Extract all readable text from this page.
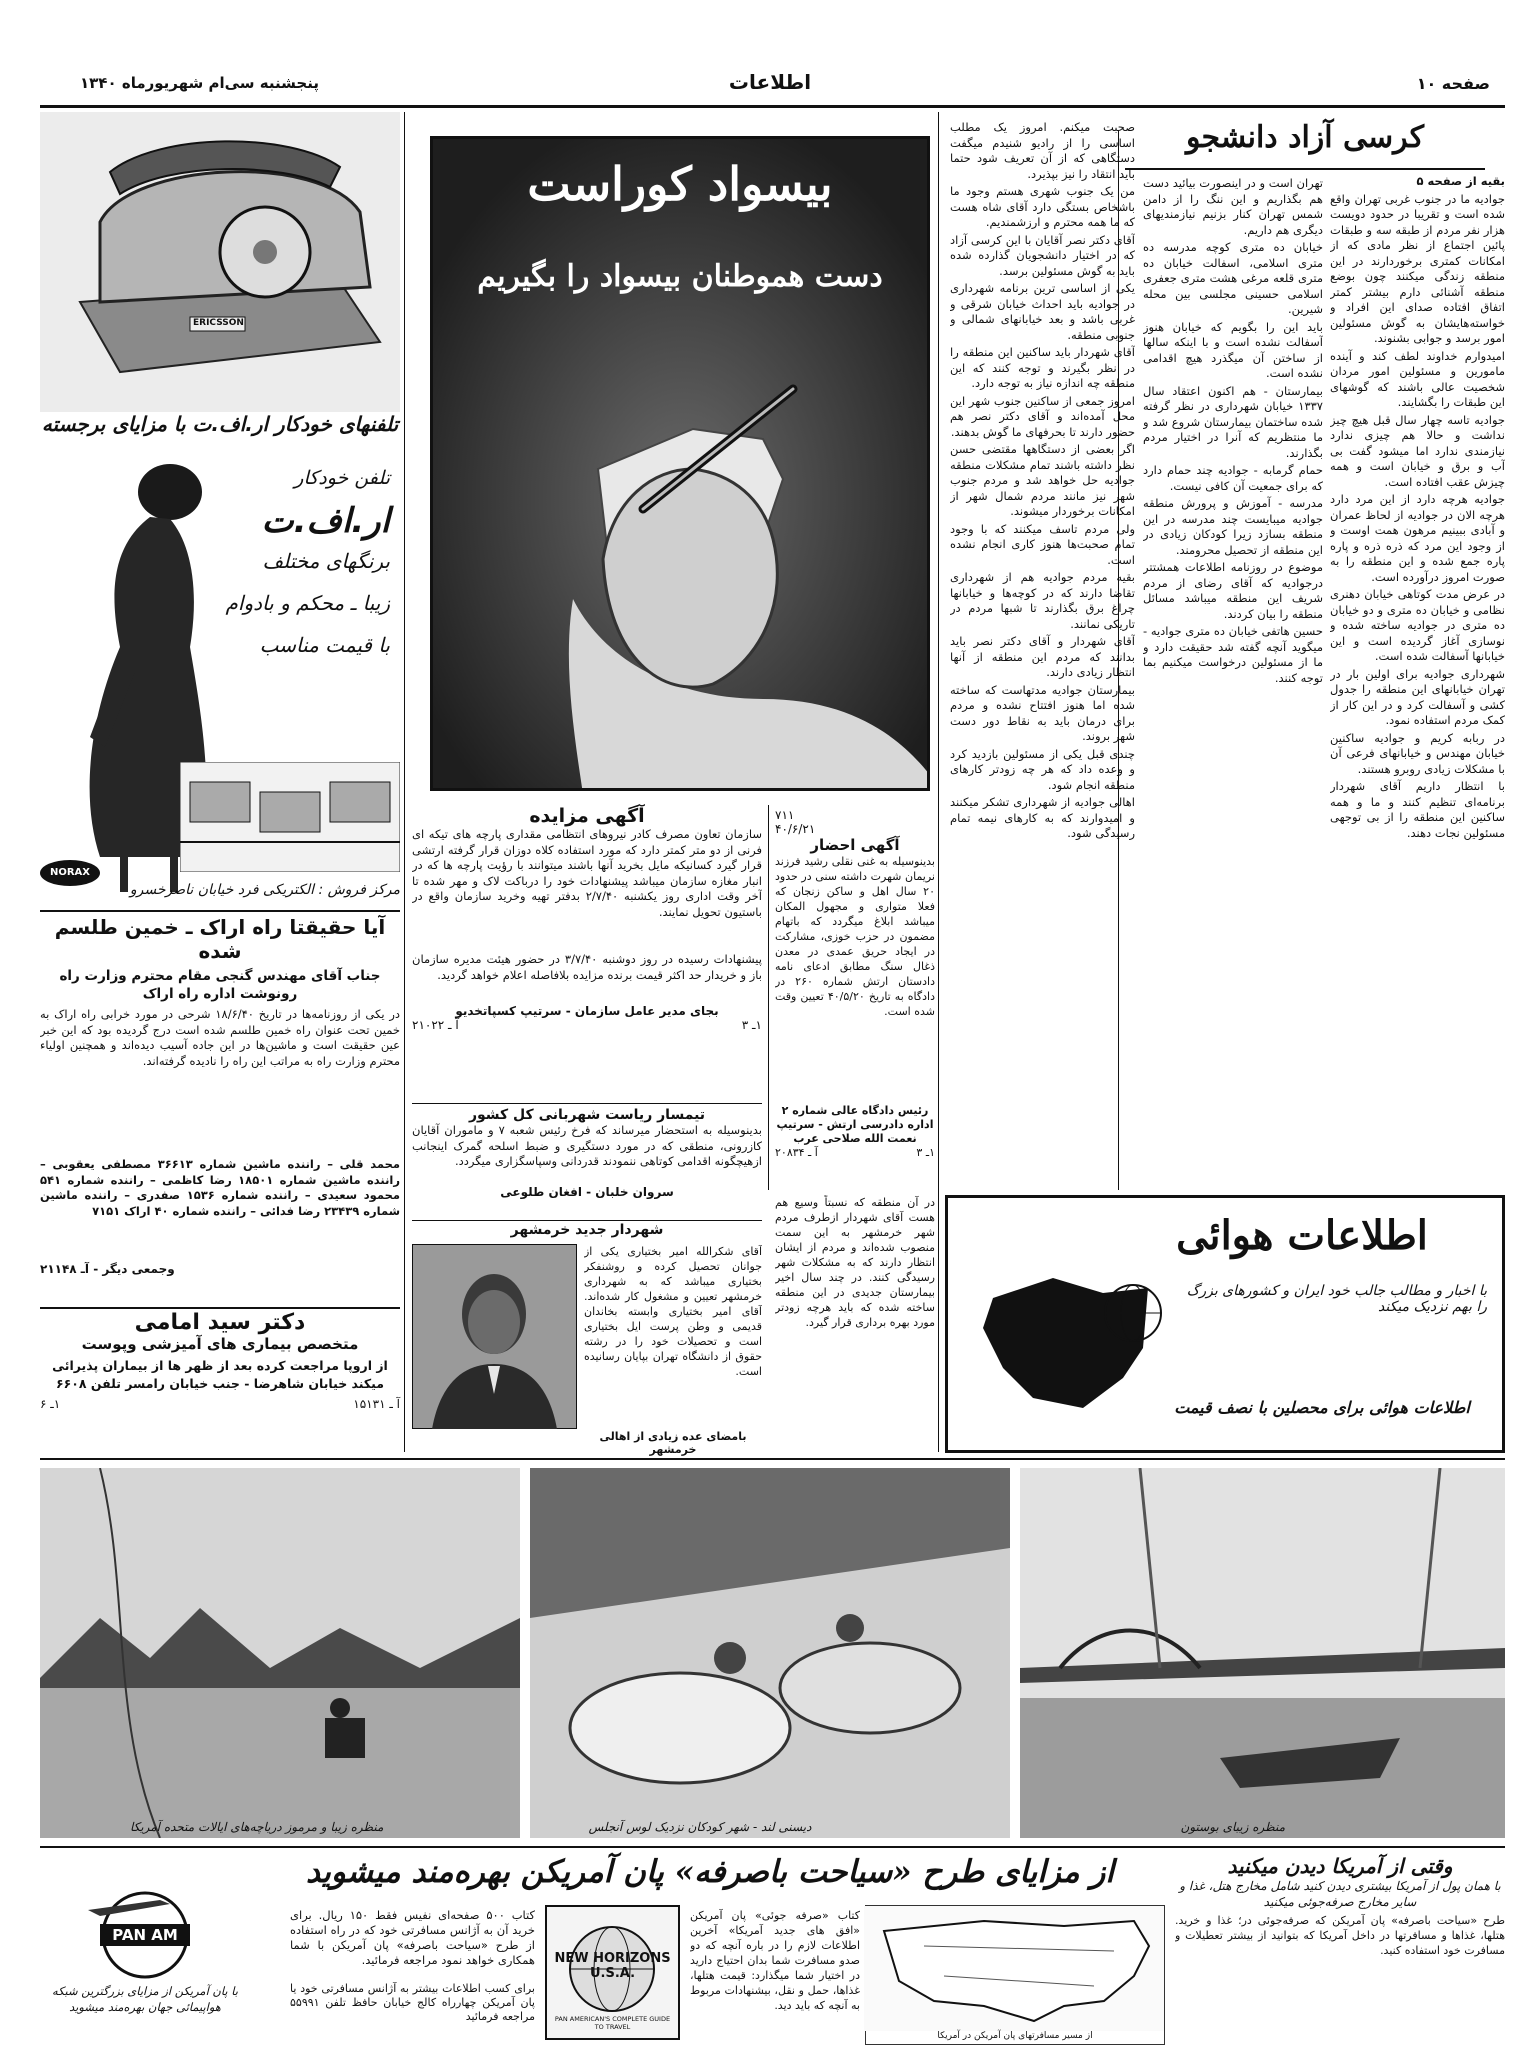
صفحه ۱۰
اطلاعات
پنجشنبه سی‌ام شهریورماه ۱۳۴۰
کرسی آزاد دانشجو
بقیه از صفحه ۵

جواديه ما در جنوب غربی تهران واقع شده است و تقريبا در حدود دويست هزار نفر مردم از طبقه سه و طبقات پائين اجتماع از نظر مادی که از امکانات کمتری برخوردارند در اين منطقه زندگی ميکنند چون بوضع منطقه آشنائی دارم بيشتر کمتر اتفاق افتاده صدای اين افراد و خواسته‌هايشان به گوش مسئولين امور برسد و جوابی بشنوند.

اميدوارم خداوند لطف کند و آينده مامورين و مسئولين امور مردان شخصيت عالی باشند که گوشهای اين طبقات را بگشايند.

جواديه تاسه چهار سال قبل هيچ چيز نداشت و حالا هم چيزی ندارد نيازمندی ندارد اما ميشود گفت بی آب و برق و خيابان است و همه چيزش عقب افتاده است.

جواديه هرچه دارد از اين مرد دارد هرچه الان در جواديه از لحاظ عمران و آبادی ببينيم مرهون همت اوست و از وجود اين مرد که ذره ذره و پاره پاره جمع شده و اين منطقه را به صورت امروز درآورده است.

در عرض مدت کوتاهی خيابان دهنری نظامی و خيابان ده متری و دو خيابان ده متری در جواديه ساخته شده و نوسازی آغاز گرديده است و اين خيابانها آسفالت شده است.

شهرداری جواديه برای اولين بار در تهران خيابانهای اين منطقه را جدول کشی و آسفالت کرد و در اين کار از کمک مردم استفاده نمود.

در ربابه کريم و جواديه ساکنين خيابان مهندس و خيابانهای فرعی آن با مشکلات زيادی روبرو هستند.

با انتظار داريم آقای شهردار برنامه‌ای تنظيم کنند و ما و همه ساکنين اين منطقه را از بی توجهی مسئولين نجات دهند.

تهران است و در اينصورت بيائيد دست هم بگذاريم و اين ننگ را از دامن شمس تهران کنار بزنيم نيازمنديهای ديگری هم داريم.

خيابان ده متری کوچه مدرسه ده متری اسلامی، اسفالت خيابان ده متری قلعه مرغی هشت متری جعفری اسلامی حسينی مجلسی بين محله شيرين.

بايد اين را بگويم که خيابان هنوز آسفالت نشده است و با اينکه سالها از ساختن آن ميگذرد هيچ اقدامی نشده است.

بيمارستان - هم اکنون اعتقاد سال ۱۳۳۷ خيابان شهرداری در نظر گرفته شده ساختمان بيمارستان شروع شد و ما منتظريم که آنرا در اختيار مردم بگذارند.

حمام گرمابه - جواديه چند حمام دارد که برای جمعيت آن کافی نيست.

مدرسه - آموزش و پرورش منطقه جواديه ميبايست چند مدرسه در اين منطقه بسازد زيرا کودکان زيادی در اين منطقه از تحصيل محرومند.

موضوع در روزنامه اطلاعات همشتتر درجواديه که آقای رضای از مردم شريف اين منطقه ميباشد مسائل منطقه را بيان کردند.

حسين هاتفی خيابان ده متری جواديه - ميگويد آنچه گفته شد حقيقت دارد و ما از مسئولين درخواست ميکنيم بما توجه کنند.

صحبت ميکنم. امروز يک مطلب اساسی را از راديو شنيدم ميگفت دستگاهی که از آن تعريف شود حتما بايد انتقاد را نيز بپذيرد.

من يک جنوب شهری هستم وجود ما باشخاص بستگی دارد آقای شاه هست که ما همه محترم و ارزشمنديم.

آقای دکتر نصر آقايان با اين کرسی آزاد که در اختيار دانشجويان گذارده شده بايد به گوش مسئولين برسد.

يکی از اساسی ترين برنامه شهرداری در جواديه بايد احداث خيابان شرقی و غربی باشد و بعد خيابانهای شمالی و جنوبی منطقه.

آقای شهردار بايد ساکنين اين منطقه را در نظر بگيرند و توجه کنند که اين منطقه چه اندازه نياز به توجه دارد.

امروز جمعی از ساکنين جنوب شهر اين محل آمده‌اند و آقای دکتر نصر هم حضور دارند تا بحرفهای ما گوش بدهند.

اگر بعضی از دستگاهها مقتضی حسن نظر داشته باشند تمام مشکلات منطقه جواديه حل خواهد شد و مردم جنوب شهر نيز مانند مردم شمال شهر از امکانات برخوردار ميشوند.

ولی مردم تاسف ميکنند که با وجود تمام صحبت‌ها هنوز کاری انجام نشده است.

بقيه مردم جواديه هم از شهرداری تقاضا دارند که در کوچه‌ها و خيابانها چراغ برق بگذارند تا شبها مردم در تاريکی نمانند.

آقای شهردار و آقای دکتر نصر بايد بدانند که مردم اين منطقه از آنها انتظار زيادی دارند.

بيمارستان جواديه مدتهاست که ساخته شده اما هنوز افتتاح نشده و مردم برای درمان بايد به نقاط دور دست شهر بروند.

چندی قبل يکی از مسئولين بازديد کرد و وعده داد که هر چه زودتر کارهای منطقه انجام شود.

اهالی جواديه از شهرداری تشکر ميکنند و اميدوارند که به کارهای نيمه تمام رسيدگی شود.

بیسواد کوراست
دست هموطنان بیسواد را بگیریم
ERICSSON
تلفنهای خودکار ار.اف.ت با مزایای برجسته
تلفن خودکار
ار.اف.ت
برنگهای مختلف
زیبا ـ محکم و بادوام
با قیمت مناسب
NORAX
مرکز فروش : الکتریکی فرد خیابان ناصرخسرو
آیا حقیقتا راه اراک ـ خمین طلسم شده
جناب آقای مهندس گنجی مقام محترم وزارت راه رونوشت اداره راه اراک
در یکی از روزنامه‌ها در تاریخ ۱۸/۶/۴۰ شرحی در مورد خرابی راه اراک به خمین تحت عنوان راه خمین طلسم شده است درج گردیده بود که این خبر عین حقیقت است و ماشین‌ها در این جاده آسیب دیده‌اند و همچنین اولیاء محترم وزارت راه به مراتب این راه را نادیده گرفته‌اند.
محمد قلی – راننده ماشین شماره ۳۶۶۱۳ مصطفی یعقوبی – راننده ماشین شماره ۱۸۵۰۱ رضا کاظمی – راننده شماره ۵۴۱ محمود سعیدی – راننده شماره ۱۵۳۶ صفدری – راننده ماشین شماره ۲۳۴۳۹ رضا فدائی – راننده شماره ۴۰ اراک ۷۱۵۱
وجمعی دیگر - آـ ۲۱۱۴۸
دکتر سید امامی
متخصص بیماری های آمیزشی وپوست
از اروپا مراجعت کرده بعد از ظهر ها از بیماران پذیرائی میکند خیابان شاهرضا - جنب خیابان رامسر تلفن ۶۶۰۸
آ ـ ۱۵۱۳۱
۱ـ ۶
آگهی مزایده
سازمان تعاون مصرف کادر نیروهای انتظامی مقداری پارچه های تیکه ای فرنی از دو متر کمتر دارد که مورد استفاده کلاه دوزان قرار گرفته ارتشی قرار گیرد کسانیکه مایل بخرید آنها باشند میتوانند با رؤیت پارچه ها که در انبار مغازه سازمان میباشد پیشنهادات خود را درباکت لاک و مهر شده تا آخر وقت اداری روز یکشنبه ۲/۷/۴۰ بدفتر تهیه وخرید سازمان واقع در باستیون تحویل نمایند.
پیشنهادات رسیده در روز دوشنبه ۳/۷/۴۰ در حضور هیئت مدیره سازمان باز و خریدار حد اکثر قیمت برنده مزایده بلافاصله اعلام خواهد گردید.
بجای مدیر عامل سازمان - سرتیپ کسپاتخدیو
۱ـ ۳
آ ـ ۲۱۰۲۲
۷۱۱
۴۰/۶/۲۱
آگهی احضار
بدینوسیله به غنی نقلی رشید فرزند نریمان شهرت داشته سنی در حدود ۲۰ سال اهل و ساکن زنجان که فعلا متواری و مجهول المکان میباشد ابلاغ میگردد که باتهام مضمون در حزب خوزی، مشارکت در ایجاد حریق عمدی در معدن ذغال سنگ مطابق ادعای نامه دادستان ارتش شماره ۲۶۰ در دادگاه به تاریخ ۴۰/۵/۲۰ تعیین وقت شده است.
رئیس دادگاه عالی شماره ۲ اداره دادرسی ارتش - سرتیپ نعمت الله صلاحی عرب
۱ـ ۳
آ ـ ۲۰۸۳۴
تیمسار ریاست شهربانی کل کشور
بدینوسیله به استحضار میرساند که فرخ رئیس شعبه ۷ و ماموران آقایان کازرونی، منطقی که در مورد دستگیری و ضبط اسلحه گمرک اینجانب ازهیچگونه اقدامی کوتاهی ننمودند قدردانی وسپاسگزاری میگردد.
سروان خلبان - افغان طلوعی
شهردار جدید خرمشهر
آقای شکرالله امیر بختیاری یکی از جوانان تحصیل کرده و روشنفکر بختیاری میباشد که به شهرداری خرمشهر تعیین و مشغول کار شده‌اند. آقای امیر بختیاری وابسته بخاندان قدیمی و وطن پرست ایل بختیاری است و تحصیلات خود را در رشته حقوق از دانشگاه تهران بپایان رسانیده است.
بامضای عده زیادی از اهالی خرمشهر
در آن منطقه که نسبتاً وسیع هم هست آقای شهردار ازطرف مردم شهر خرمشهر به این سمت منصوب شده‌اند و مردم از ایشان انتظار دارند که به مشکلات شهر رسیدگی کنند. در چند سال اخیر بیمارستان جدیدی در این منطقه ساخته شده که باید هرچه زودتر مورد بهره برداری قرار گیرد.
اطلاعات هوائی
با اخبار و مطالب جالب خود ایران و کشورهای بزرگ را بهم نزدیک میکند
اطلاعات هوائی برای محصلین با نصف قیمت
منظره زیبا و مرموز دریاچه‌های ایالات متحده آمریکا	دیسنی لند - شهر کودکان نزدیک لوس آنجلس	منظره زیبای بوستون
از مزایای طرح «سیاحت باصرفه» پان آمریکن بهره‌مند میشوید	وقتی از آمریکا دیدن میکنید
با همان پول از آمریکا بیشتری دیدن کنید شامل مخارج هتل، غذا و سایر مخارج صرفه‌جوئی میکنید
طرح «سیاحت باصرفه» پان آمریکن که صرفه‌جوئی در؛ غذا و خرید. هتلها، غذاها و مسافرتها در داخل آمریکا که بتوانید از بیشتر تعطیلات و مسافرت خود استفاده کنید.
از مسیر مسافرتهای پان آمریکن در آمریکا
کتاب «صرفه جوئی» پان آمریکن «افق های جدید آمریکا» آخرین اطلاعات لازم را در باره آنچه که دو صدو مسافرت شما بدان احتیاج دارید در اختیار شما میگذارد: قیمت هتلها، غذاها، حمل و نقل، بیشنهادات مربوط به آنچه که باید دید.
NEW HORIZONS U.S.A.
PAN AMERICAN'S COMPLETE GUIDE TO TRAVEL
کتاب ۵۰۰ صفحه‌ای نفیس فقط ۱۵۰ ریال. برای خرید آن به آژانس مسافرتی خود که در راه استفاده از طرح «سیاحت باصرفه» پان آمریکن با شما همکاری خواهد نمود مراجعه فرمائید.
برای کسب اطلاعات بیشتر به آژانس مسافرتی خود یا پان آمریکن چهارراه کالج خیابان حافظ تلفن ۵۵۹۹۱ مراجعه فرمائید
PAN AM
با پان آمریکن از مزایای بزرگترین شبکه هواپیمائی جهان بهره‌مند میشوید
